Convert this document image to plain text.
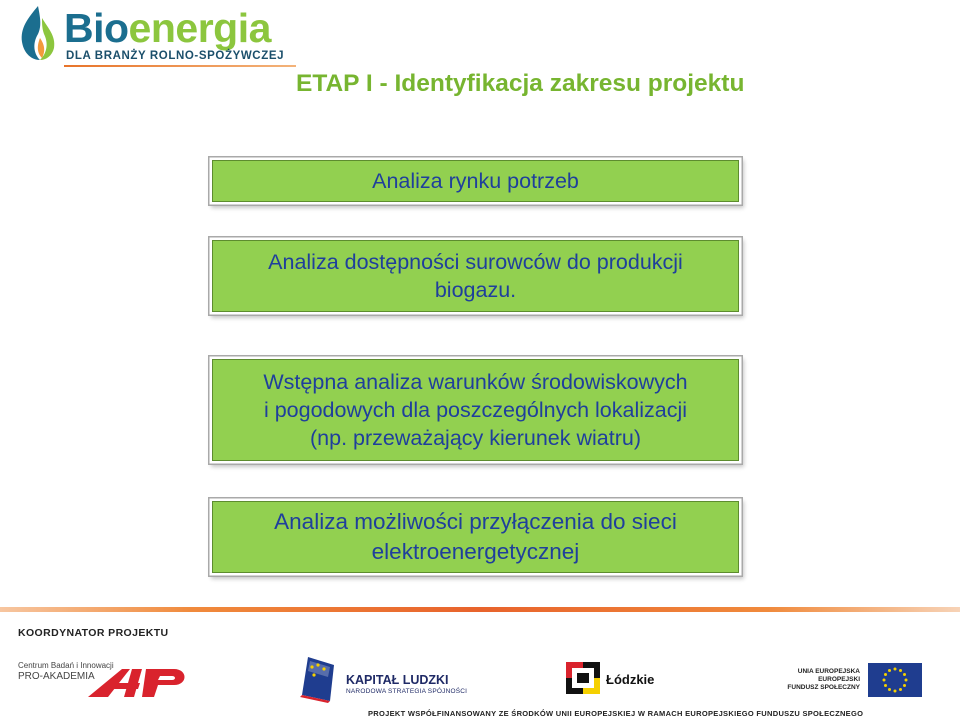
Bioenergia
DLA BRANŻY ROLNO-SPOŻYWCZEJ
ETAP I - Identyfikacja zakresu projektu
Analiza rynku potrzeb
Analiza dostępności surowców do produkcji
biogazu.
Wstępna analiza warunków środowiskowych
i pogodowych dla poszczególnych lokalizacji
(np. przeważający kierunek wiatru)
Analiza możliwości przyłączenia do sieci
elektroenergetycznej
KOORDYNATOR PROJEKTU
Centrum Badań i Innowacji
PRO-AKADEMIA	KAPITAŁ LUDZKI
NARODOWA STRATEGIA SPÓJNOŚCI
Łódzkie
UNIA EUROPEJSKA
EUROPEJSKI
FUNDUSZ SPOŁECZNY
PROJEKT WSPÓŁFINANSOWANY ZE ŚRODKÓW UNII EUROPEJSKIEJ W RAMACH EUROPEJSKIEGO FUNDUSZU SPOŁECZNEGO
